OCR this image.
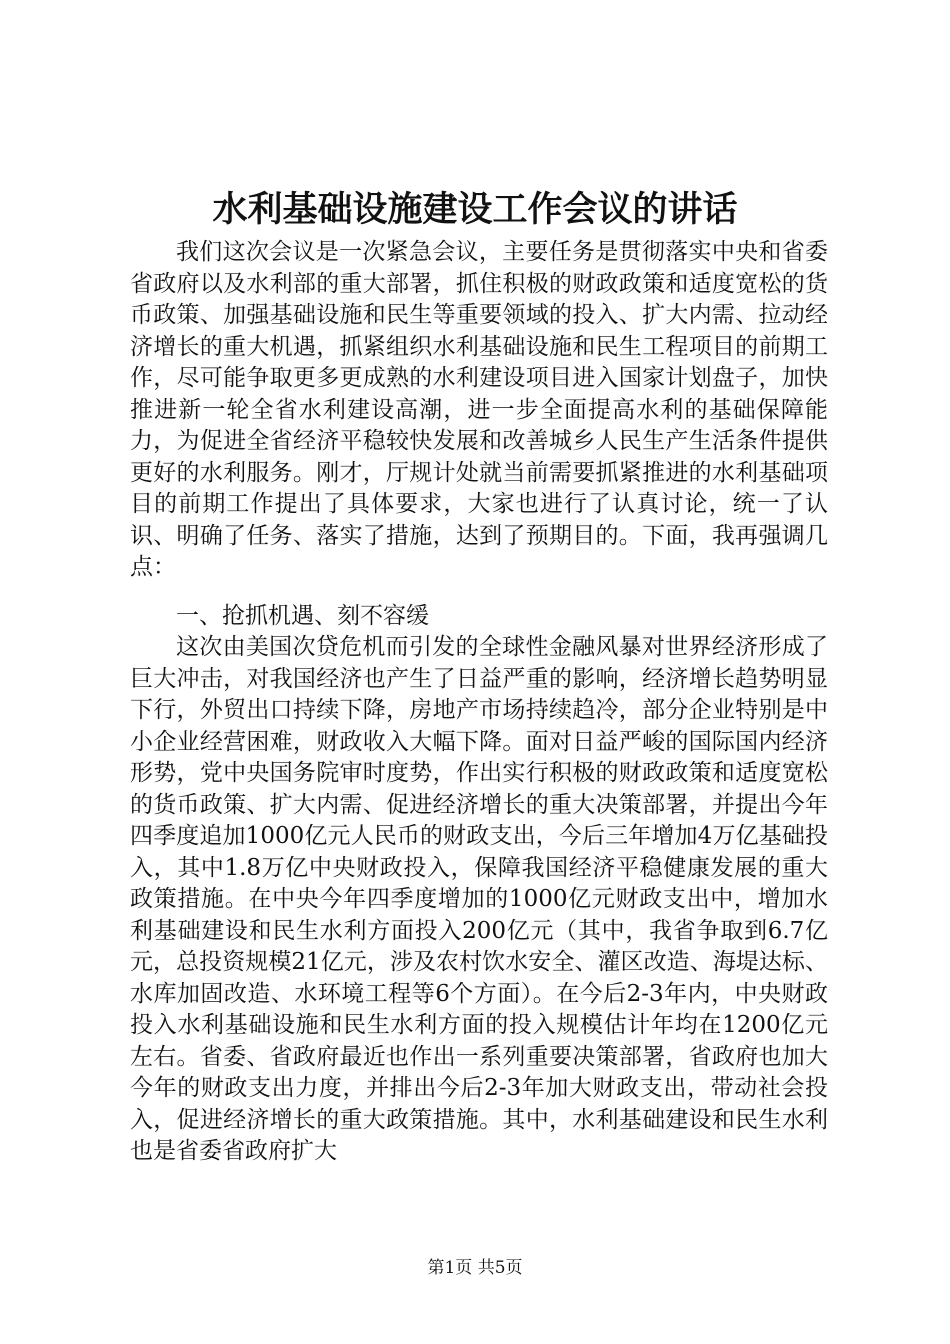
水利基础设施建设工作会议的讲话

我们这次会议是一次紧急会议，主要任务是贯彻落实中央和省委省政府以及水利部的重大部署，抓住积极的财政政策和适度宽松的货币政策、加强基础设施和民生等重要领域的投入、扩大内需、拉动经济增长的重大机遇，抓紧组织水利基础设施和民生工程项目的前期工作，尽可能争取更多更成熟的水利建设项目进入国家计划盘子，加快推进新一轮全省水利建设高潮，进一步全面提高水利的基础保障能力，为促进全省经济平稳较快发展和改善城乡人民生产生活条件提供更好的水利服务。刚才，厅规计处就当前需要抓紧推进的水利基础项目的前期工作提出了具体要求，大家也进行了认真讨论，统一了认识、明确了任务、落实了措施，达到了预期目的。下面，我再强调几点：

一、抢抓机遇、刻不容缓

这次由美国次贷危机而引发的全球性金融风暴对世界经济形成了巨大冲击，对我国经济也产生了日益严重的影响，经济增长趋势明显下行，外贸出口持续下降，房地产市场持续趋冷，部分企业特别是中小企业经营困难，财政收入大幅下降。面对日益严峻的国际国内经济形势，党中央国务院审时度势，作出实行积极的财政政策和适度宽松的货币政策、扩大内需、促进经济增长的重大决策部署，并提出今年四季度追加1000亿元人民币的财政支出，今后三年增加4万亿基础投入，其中1.8万亿中央财政投入，保障我国经济平稳健康发展的重大政策措施。在中央今年四季度增加的1000亿元财政支出中，增加水利基础建设和民生水利方面投入200亿元（其中，我省争取到6.7亿元，总投资规模21亿元，涉及农村饮水安全、灌区改造、海堤达标、水库加固改造、水环境工程等6个方面）。在今后2-3年内，中央财政投入水利基础设施和民生水利方面的投入规模估计年均在1200亿元左右。省委、省政府最近也作出一系列重要决策部署，省政府也加大今年的财政支出力度，并排出今后2-3年加大财政支出，带动社会投入，促进经济增长的重大政策措施。其中，水利基础建设和民生水利也是省委省政府扩大

第1页 共5页
